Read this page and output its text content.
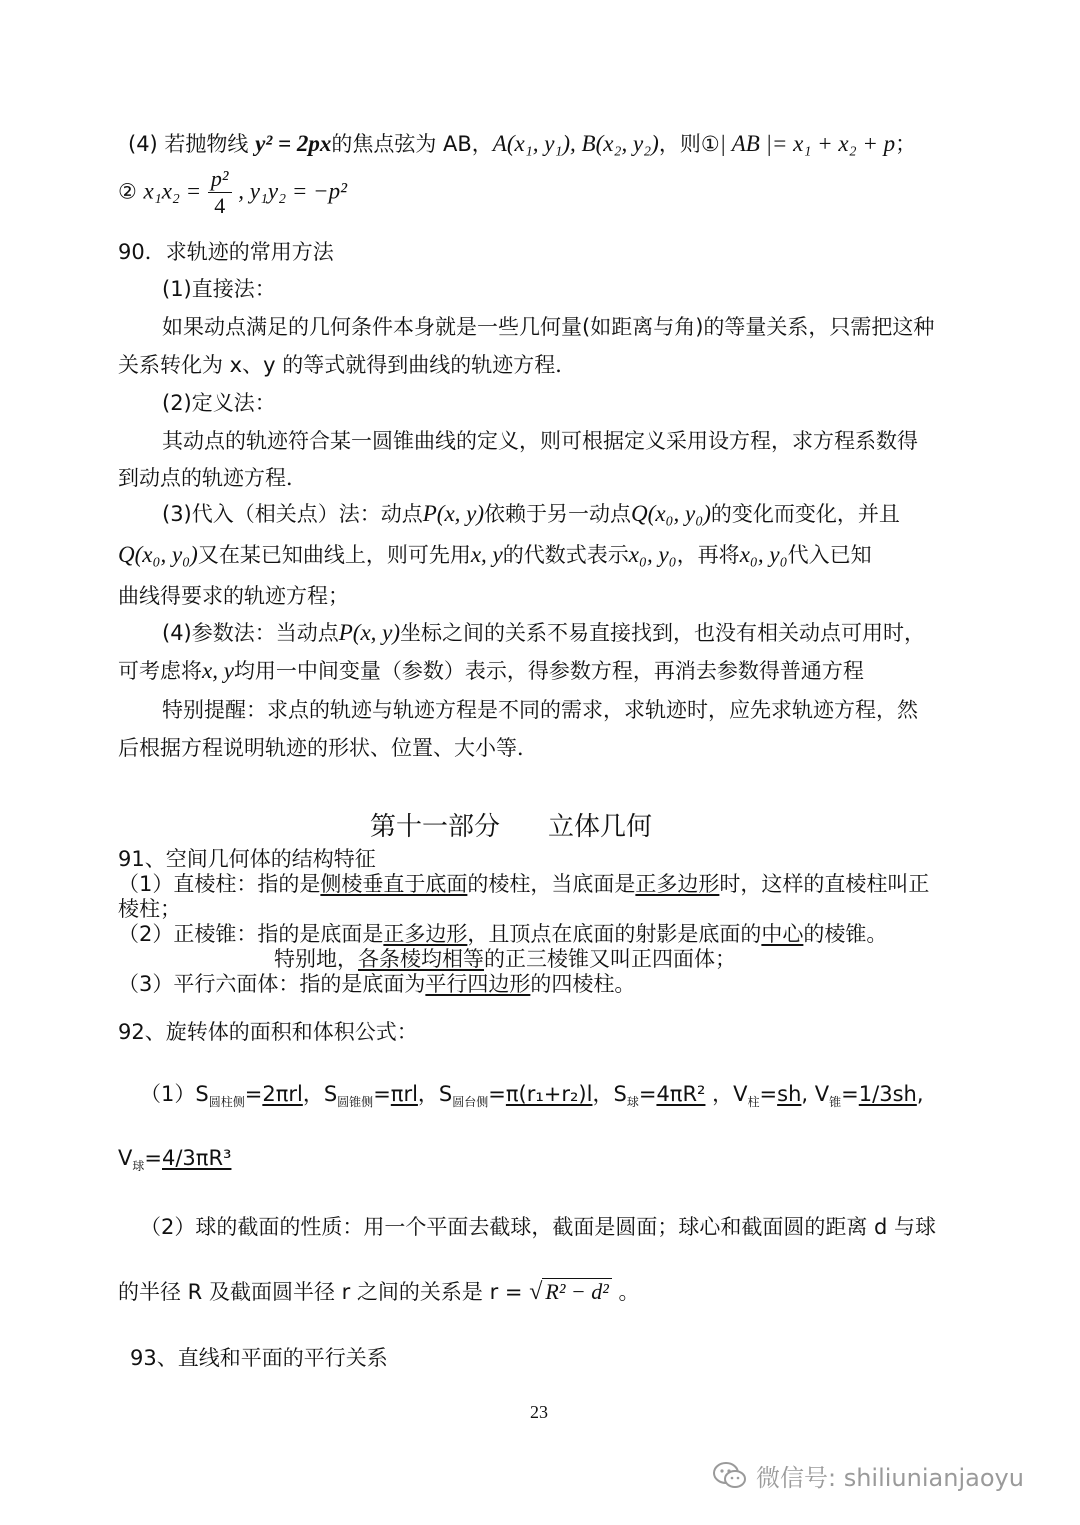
(4) 若抛物线 y² = 2px的焦点弦为 AB，A(x₁, y₁), B(x₂, y₂)，则①| AB |= x₁ + x₂ + p；
② $x_1x_2 = \frac{\text{p²}}{4}$ , y₁y₂ = −p²
90．求轨迹的常用方法
(1)直接法：
如果动点满足的几何条件本身就是一些几何量(如距离与角)的等量关系，只需把这种
关系转化为 x、y 的等式就得到曲线的轨迹方程．
(2)定义法：
其动点的轨迹符合某一圆锥曲线的定义，则可根据定义采用设方程，求方程系数得
到动点的轨迹方程．
(3)代入（相关点）法：动点P(x, y)依赖于另一动点Q(x₀, y₀)的变化而变化，并且
Q(x₀, y₀)又在某已知曲线上，则可先用x, y的代数式表示x₀, y₀，再将x₀, y₀代入已知
曲线得要求的轨迹方程；
(4)参数法：当动点P(x, y)坐标之间的关系不易直接找到，也没有相关动点可用时，
可考虑将x, y均用一中间变量（参数）表示，得参数方程，再消去参数得普通方程
特别提醒：求点的轨迹与轨迹方程是不同的需求，求轨迹时，应先求轨迹方程，然
后根据方程说明轨迹的形状、位置、大小等．
第十一部分 立体几何
91、空间几何体的结构特征
（1）直棱柱：指的是侧棱垂直于底面的棱柱，当底面是正多边形时，这样的直棱柱叫正
棱柱；
（2）正棱锥：指的是底面是正多边形，且顶点在底面的射影是底面的中心的棱锥。
特别地，各条棱均相等的正三棱锥又叫正四面体；
（3）平行六面体：指的是底面为平行四边形的四棱柱。
92、旋转体的面积和体积公式：
$(1)S_{圆柱侧}=2\pi rl$，$S_{圆锥侧}=\pi rl$，$S_{圆台侧}=\pi(r_1+r_2)l$，$S_球=4\pi R^2$ ，$V_柱=sh$, $V_锥=1/3sh$,
$V_球=4/3\pi R^3$
（2）球的截面的性质：用一个平面去截球，截面是圆面；球心和截面圆的距离 d 与球
的半径 R 及截面圆半径 r 之间的关系是 r = √ R² − d² 。
93、直线和平面的平行关系
23
微信号: shiliunianjaoyu
